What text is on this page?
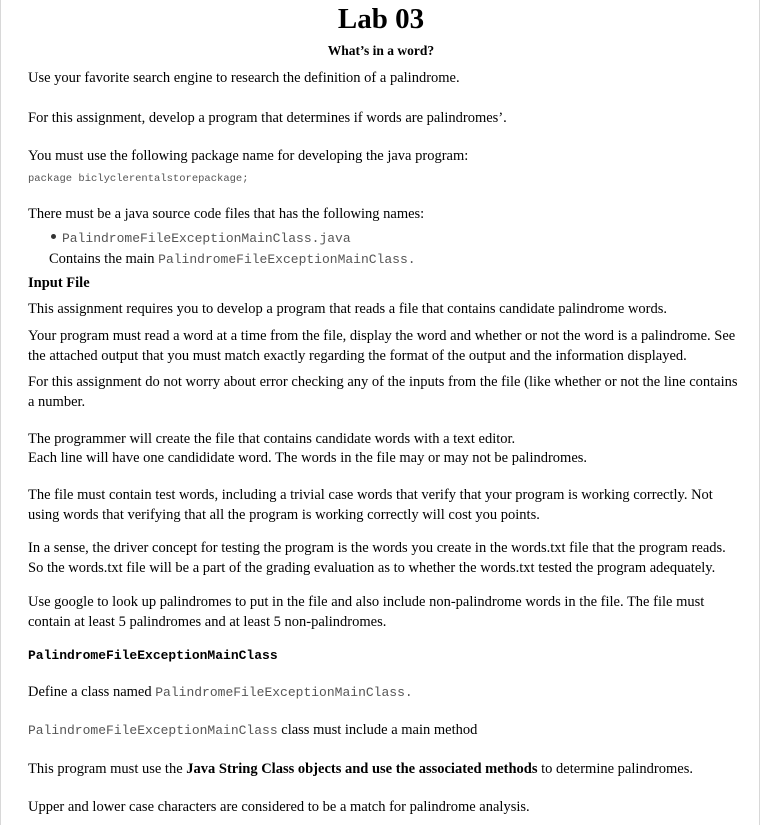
Lab 03
What’s in a word?

Use your favorite search engine to research the definition of a palindrome.

For this assignment, develop a program that determines if words are palindromes’.

You must use the following package name for developing the java program:

package biclyclerentalstorepackage;

There must be a java source code files that has the following names:

PalindromeFileExceptionMainClass.java
Contains the main PalindromeFileExceptionMainClass.

Input File

This assignment requires you to develop a program that reads a file that contains candidate palindrome words.

Your program must read a word at a time from the file, display the word and whether or not the word is a palindrome. See the attached output that you must match exactly regarding the format of the output and the information displayed.

For this assignment do not worry about error checking any of the inputs from the file (like whether or not the line contains a number.

The programmer will create the file that contains candidate words with a text editor.

Each line will have one candididate word. The words in the file may or may not be palindromes.

The file must contain test words, including a trivial case words that verify that your program is working correctly. Not using words that verifying that all the program is working correctly will cost you points.

In a sense, the driver concept for testing the program is the words you create in the words.txt file that the program reads. So the words.txt file will be a part of the grading evaluation as to whether the words.txt tested the program adequately.

Use google to look up palindromes to put in the file and also include non-palindrome words in the file. The file must contain at least 5 palindromes and at least 5 non-palindromes.

PalindromeFileExceptionMainClass

Define a class named PalindromeFileExceptionMainClass.
PalindromeFileExceptionMainClass class must include a main method
This program must use the Java String Class objects and use the associated methods to determine palindromes.

Upper and lower case characters are considered to be a match for palindrome analysis.
